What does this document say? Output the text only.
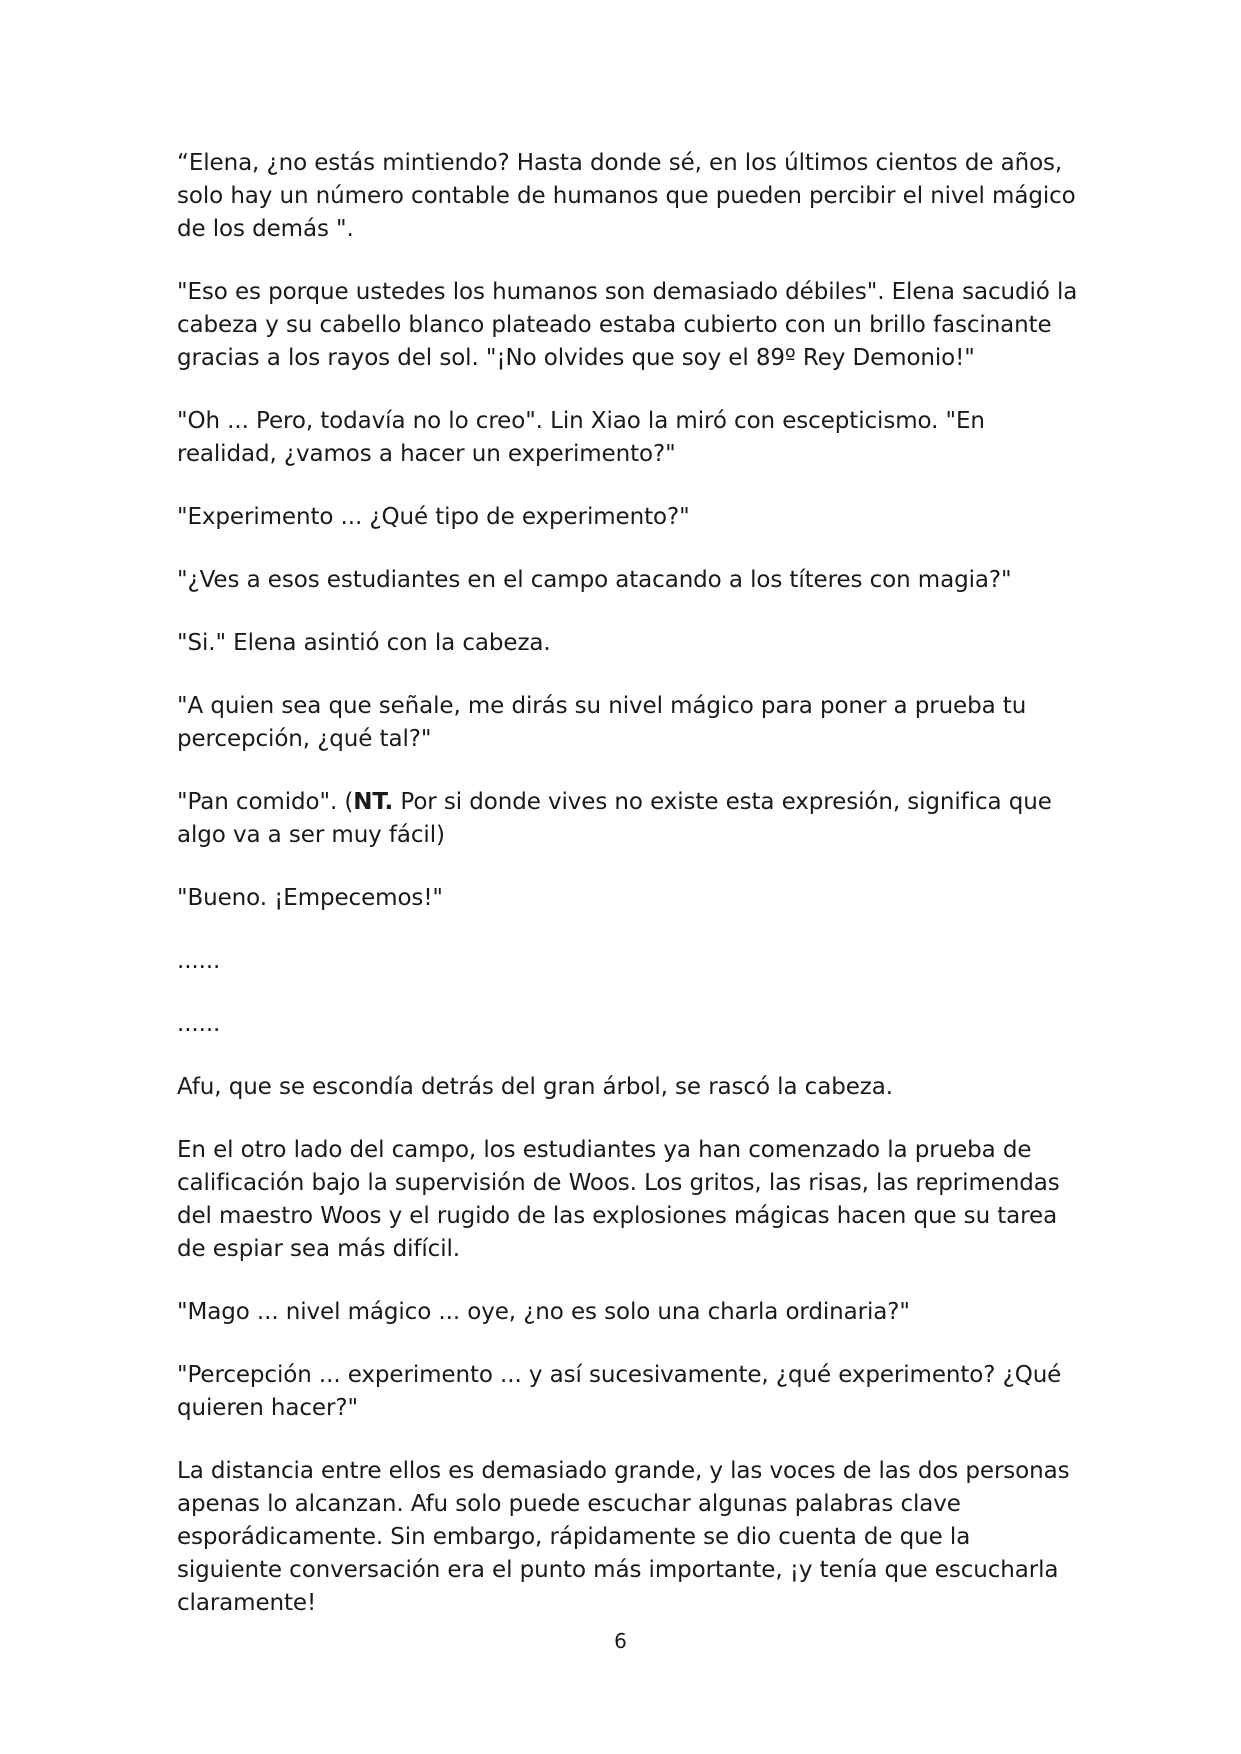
“Elena, ¿no estás mintiendo? Hasta donde sé, en los últimos cientos de años, solo hay un número contable de humanos que pueden percibir el nivel mágico de los demás ".

"Eso es porque ustedes los humanos son demasiado débiles". Elena sacudió la cabeza y su cabello blanco plateado estaba cubierto con un brillo fascinante gracias a los rayos del sol. "¡No olvides que soy el 89º Rey Demonio!"

"Oh ... Pero, todavía no lo creo". Lin Xiao la miró con escepticismo. "En realidad, ¿vamos a hacer un experimento?"

"Experimento ... ¿Qué tipo de experimento?"

"¿Ves a esos estudiantes en el campo atacando a los títeres con magia?"

"Si." Elena asintió con la cabeza.

"A quien sea que señale, me dirás su nivel mágico para poner a prueba tu percepción, ¿qué tal?"

"Pan comido". (NT. Por si donde vives no existe esta expresión, significa que algo va a ser muy fácil)

"Bueno. ¡Empecemos!"

......

......

Afu, que se escondía detrás del gran árbol, se rascó la cabeza.

En el otro lado del campo, los estudiantes ya han comenzado la prueba de calificación bajo la supervisión de Woos. Los gritos, las risas, las reprimendas del maestro Woos y el rugido de las explosiones mágicas hacen que su tarea de espiar sea más difícil.

"Mago ... nivel mágico ... oye, ¿no es solo una charla ordinaria?"

"Percepción ... experimento ... y así sucesivamente, ¿qué experimento? ¿Qué quieren hacer?"

La distancia entre ellos es demasiado grande, y las voces de las dos personas apenas lo alcanzan. Afu solo puede escuchar algunas palabras clave esporádicamente. Sin embargo, rápidamente se dio cuenta de que la siguiente conversación era el punto más importante, ¡y tenía que escucharla claramente!

6
